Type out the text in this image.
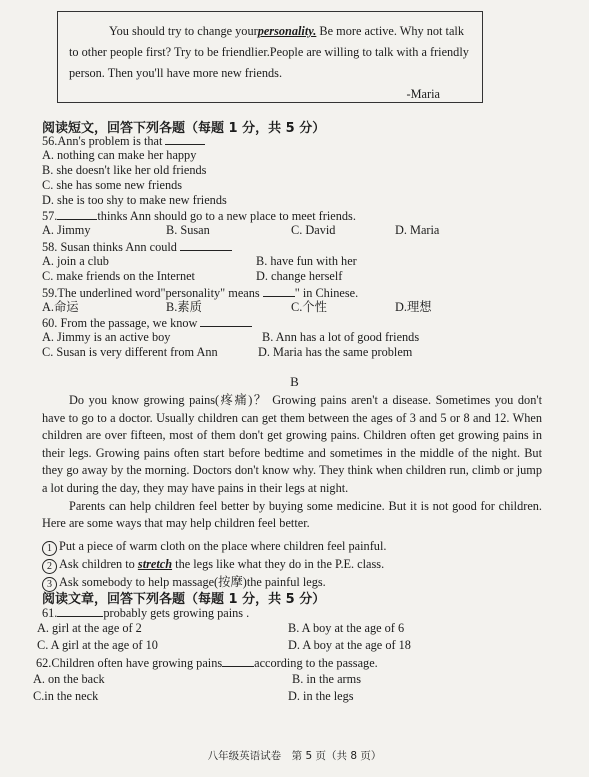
You should try to change yourpersonality. Be more active. Why not talk to other people first? Try to be friendlier.People are willing to talk with a friendly person. Then you'll have more new friends.

-Maria
阅读短文，回答下列各题（每题 1 分，共 5 分）
56.Ann's problem is that
A. nothing can make her happy
B. she doesn't like her old friends
C. she has some new friends
D. she is too shy to make new friends
57.	thinks Ann should go to a new place to meet friends.
A. Jimmy	B. Susan	C. David	D. Maria
58. Susan thinks Ann could
A. join a club	B. have fun with her
C. make friends on the Internet	D. change herself
59.The underlined word"personality" means	" in Chinese.
A.命运	B.素质	C.个性	D.理想
60. From the passage, we know
A. Jimmy is an active boy	B. Ann has a lot of good friends
C. Susan is very different from Ann	D. Maria has the same problem
B

Do you know growing pains(疼痛)？ Growing pains aren't a disease. Sometimes you don't have to go to a doctor. Usually children can get them between the ages of 3 and 5 or 8 and 12. When children are over fifteen, most of them don't get growing pains. Children often get growing pains in their legs. Growing pains often start before bedtime and sometimes in the middle of the night. But they go away by the morning. Doctors don't know why. They think when children run, climb or jump a lot during the day, they may have pains in their legs at night.

Parents can help children feel better by buying some medicine. But it is not good for children. Here are some ways that may help children feel better.

1 Put a piece of warm cloth on the place where children feel painful.
2 Ask children to stretch the legs like what they do in the P.E. class.
3 Ask somebody to help massage(按摩)the painful legs.
阅读文章，回答下列各题（每题 1 分，共 5 分）
61.	probably gets growing pains .
A. girl at the age of 2	B. A boy at the age of 6
C. A girl at the age of 10	D. A boy at the age of 18
62.Children often have growing pains	according to the passage.
A. on the back	B. in the arms
C.in the neck	D. in the legs
八年级英语试卷　第 5 页（共 8 页）
